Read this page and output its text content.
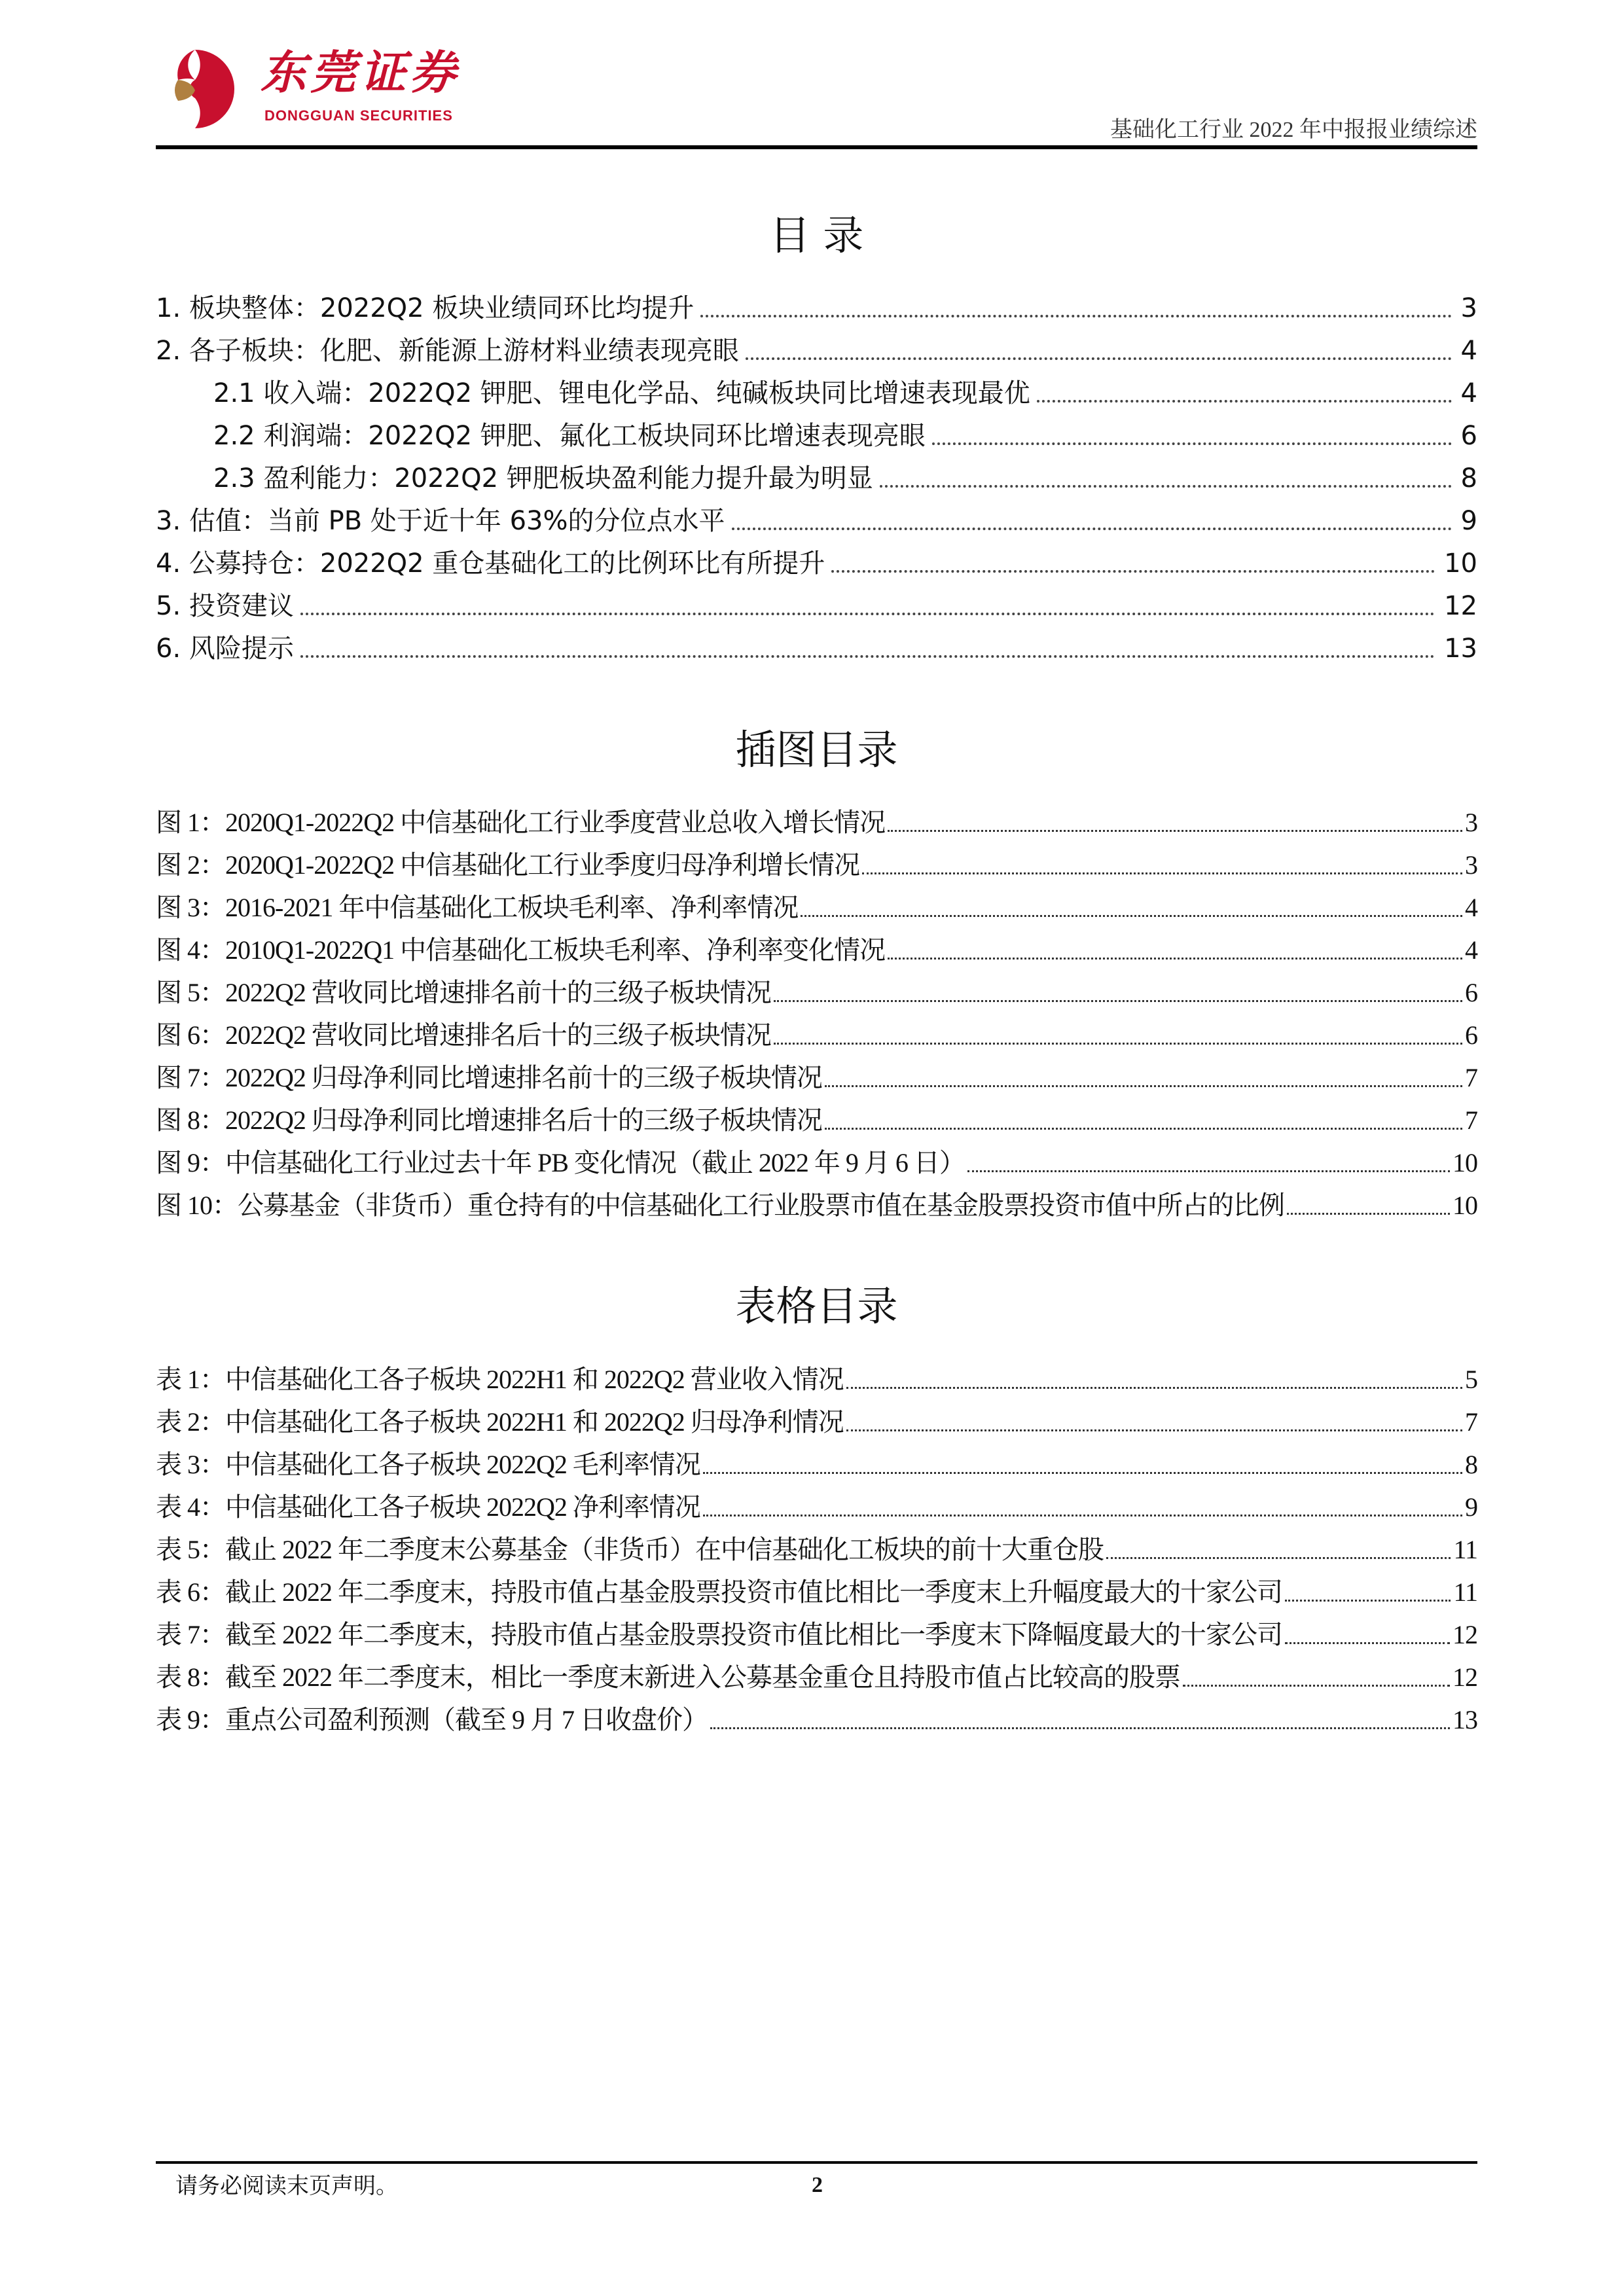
东莞证券
DONGGUAN SECURITIES
基础化工行业 2022 年中报报业绩综述
目 录
1. 板块整体：2022Q2 板块业绩同环比均提升	3
2. 各子板块：化肥、新能源上游材料业绩表现亮眼	4
2.1 收入端：2022Q2 钾肥、锂电化学品、纯碱板块同比增速表现最优	4
2.2 利润端：2022Q2 钾肥、氟化工板块同环比增速表现亮眼	6
2.3 盈利能力：2022Q2 钾肥板块盈利能力提升最为明显	8
3. 估值：当前 PB 处于近十年 63%的分位点水平	9
4. 公募持仓：2022Q2 重仓基础化工的比例环比有所提升	10
5. 投资建议	12
6. 风险提示	13
插图目录
图 1：2020Q1-2022Q2 中信基础化工行业季度营业总收入增长情况	3
图 2：2020Q1-2022Q2 中信基础化工行业季度归母净利增长情况	3
图 3：2016-2021 年中信基础化工板块毛利率、净利率情况	4
图 4：2010Q1-2022Q1 中信基础化工板块毛利率、净利率变化情况	4
图 5：2022Q2 营收同比增速排名前十的三级子板块情况	6
图 6：2022Q2 营收同比增速排名后十的三级子板块情况	6
图 7：2022Q2 归母净利同比增速排名前十的三级子板块情况	7
图 8：2022Q2 归母净利同比增速排名后十的三级子板块情况	7
图 9：中信基础化工行业过去十年 PB 变化情况（截止 2022 年 9 月 6 日）	10
图 10：公募基金（非货币）重仓持有的中信基础化工行业股票市值在基金股票投资市值中所占的比例	10
表格目录
表 1：中信基础化工各子板块 2022H1 和 2022Q2 营业收入情况	5
表 2：中信基础化工各子板块 2022H1 和 2022Q2 归母净利情况	7
表 3：中信基础化工各子板块 2022Q2 毛利率情况	8
表 4：中信基础化工各子板块 2022Q2 净利率情况	9
表 5：截止 2022 年二季度末公募基金（非货币）在中信基础化工板块的前十大重仓股	11
表 6：截止 2022 年二季度末，持股市值占基金股票投资市值比相比一季度末上升幅度最大的十家公司	11
表 7：截至 2022 年二季度末，持股市值占基金股票投资市值比相比一季度末下降幅度最大的十家公司	12
表 8：截至 2022 年二季度末，相比一季度末新进入公募基金重仓且持股市值占比较高的股票	12
表 9：重点公司盈利预测（截至 9 月 7 日收盘价）	13
请务必阅读末页声明。	2
